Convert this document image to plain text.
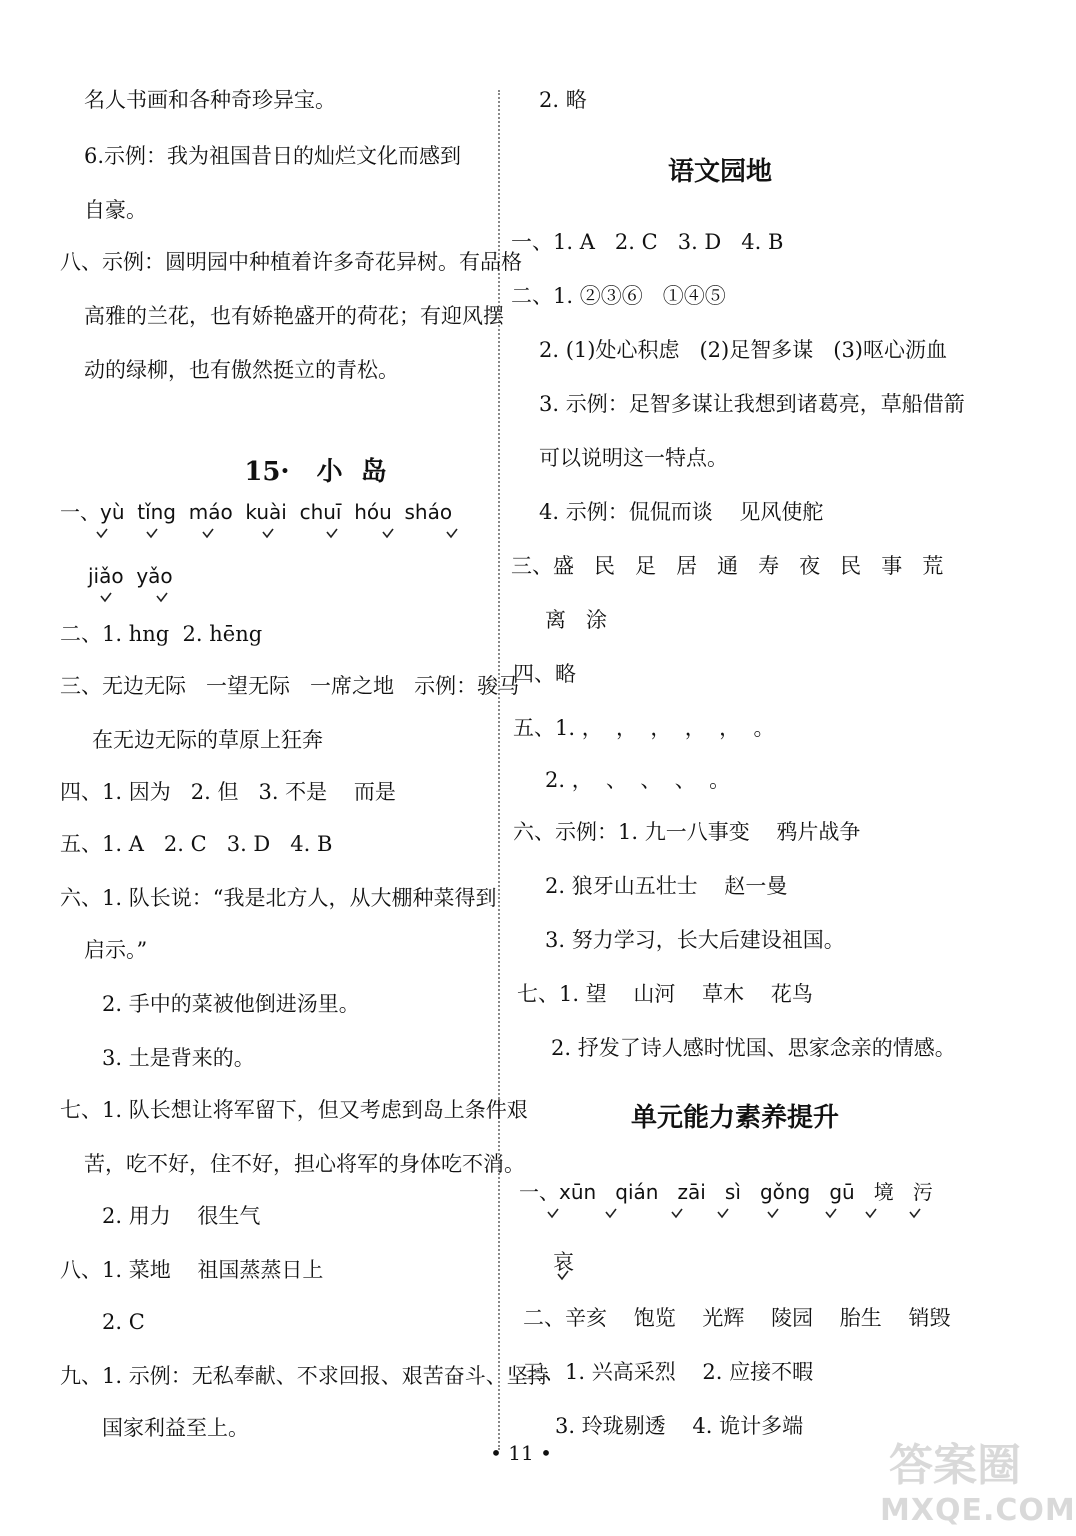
名人书画和各种奇珍异宝。
6.示例：我为祖国昔日的灿烂文化而感到
自豪。
八、示例：圆明园中种植着许多奇花异树。有品格
高雅的兰花，也有娇艳盛开的荷花；有迎风摆
动的绿柳，也有傲然挺立的青松。

15• 小  岛

一、yù  tǐng  máo  kuài  chuī  hóu  sháo
jiǎo  yǎo
二、1. hng  2. hēng
三、无边无际   一望无际   一席之地   示例：骏马
在无边无际的草原上狂奔
四、1. 因为   2. 但   3. 不是    而是
五、1. A   2. C   3. D   4. B
六、1. 队长说：“我是北方人，从大棚种菜得到
启示。”
2. 手中的菜被他倒进汤里。
3. 土是背来的。
七、1. 队长想让将军留下，但又考虑到岛上条件艰
苦，吃不好，住不好，担心将军的身体吃不消。
2. 用力    很生气
八、1. 菜地    祖国蒸蒸日上
2. C
九、1. 示例：无私奉献、不求回报、艰苦奋斗、坚持
国家利益至上。
2. 略
语文园地
一、1. A   2. C   3. D   4. B
二、1. ②③⑥   ①④⑤
2. (1)处心积虑   (2)足智多谋   (3)呕心沥血
3. 示例：足智多谋让我想到诸葛亮，草船借箭
可以说明这一特点。
4. 示例：侃侃而谈    见风使舵
三、盛   民   足   居   通   寿   夜   民   事   荒
离   涂
四、略
五、1. ，  ，  ，  ，  ，  。
2. ，  、  、  、  。
六、示例：1. 九一八事变    鸦片战争
2. 狼牙山五壮士    赵一曼
3. 努力学习，长大后建设祖国。
七、1. 望    山河    草木    花鸟
2. 抒发了诗人感时忧国、思家念亲的情感。
单元能力素养提升
一、xūn   qián   zāi   sì   gǒng   gū   境   污
哀
二、辛亥    饱览    光辉    陵园    胎生    销毁
三、1. 兴高采烈    2. 应接不暇
3. 玲珑剔透    4. 诡计多端
• 11 •	答案圈
MXQE.COM
